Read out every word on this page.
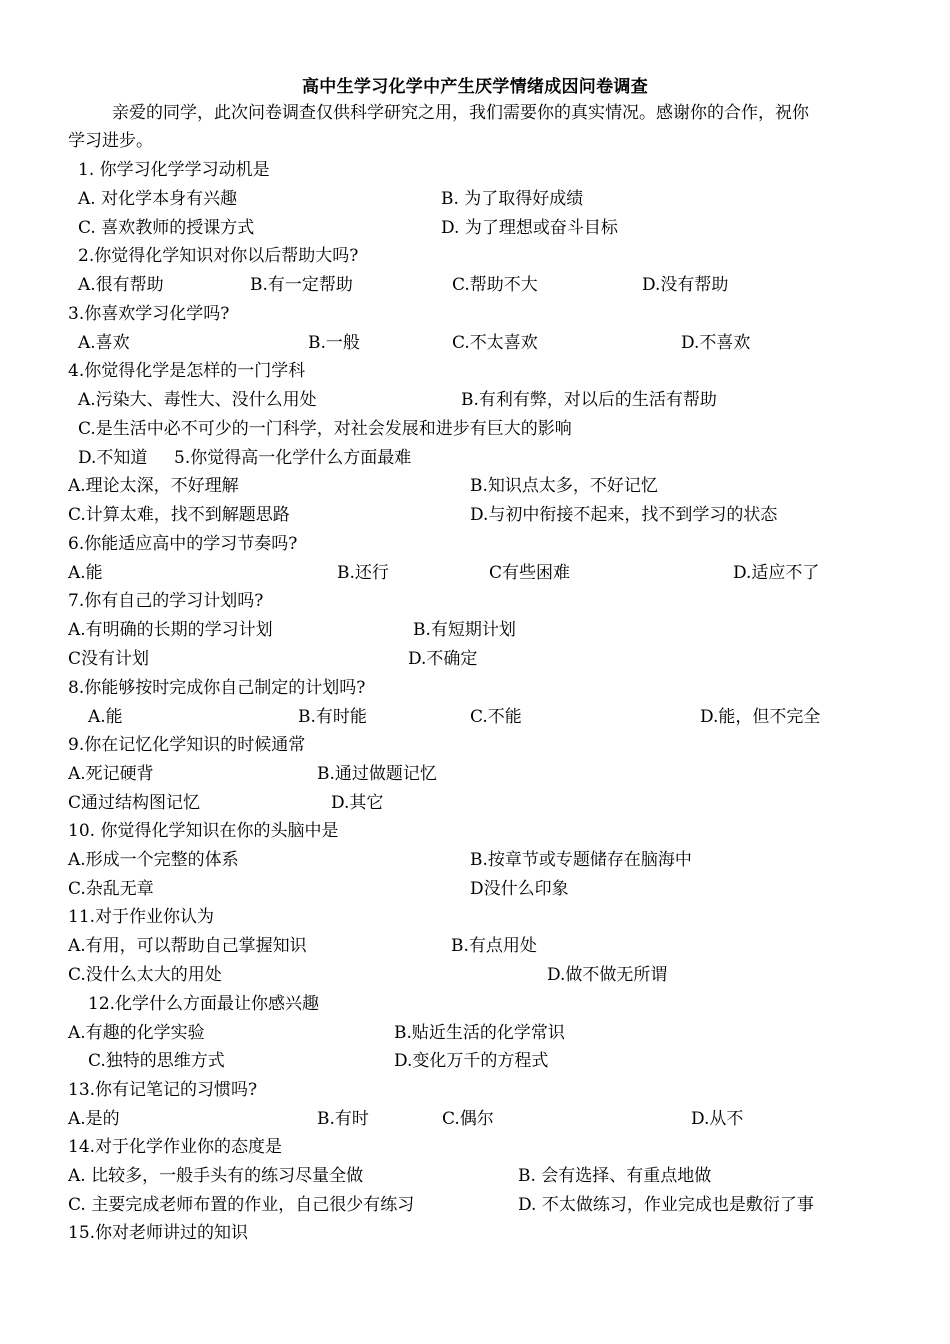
高中生学习化学中产生厌学情绪成因问卷调查
亲爱的同学，此次问卷调查仅供科学研究之用，我们需要你的真实情况。感谢你的合作，祝你
学习进步。
1. 你学习化学学习动机是
A. 对化学本身有兴趣	B. 为了取得好成绩
C. 喜欢教师的授课方式	D. 为了理想或奋斗目标
2.你觉得化学知识对你以后帮助大吗?
A.很有帮助	B.有一定帮助	C.帮助不大	D.没有帮助
3.你喜欢学习化学吗?
A.喜欢	B.一般	C.不太喜欢	D.不喜欢
4.你觉得化学是怎样的一门学科
A.污染大、毒性大、没什么用处	B.有利有弊，对以后的生活有帮助
C.是生活中必不可少的一门科学，对社会发展和进步有巨大的影响
D.不知道 5.你觉得高一化学什么方面最难
A.理论太深，不好理解	B.知识点太多，不好记忆
C.计算太难，找不到解题思路	D.与初中衔接不起来，找不到学习的状态
6.你能适应高中的学习节奏吗?
A.能	B.还行	C有些困难	D.适应不了
7.你有自己的学习计划吗?
A.有明确的长期的学习计划	B.有短期计划
C没有计划	D.不确定
8.你能够按时完成你自己制定的计划吗?
A.能	B.有时能	C.不能	D.能，但不完全
9.你在记忆化学知识的时候通常
A.死记硬背	B.通过做题记忆
C通过结构图记忆	D.其它
10. 你觉得化学知识在你的头脑中是
A.形成一个完整的体系	B.按章节或专题储存在脑海中
C.杂乱无章	D没什么印象
11.对于作业你认为
A.有用，可以帮助自己掌握知识	B.有点用处
C.没什么太大的用处	D.做不做无所谓
12.化学什么方面最让你感兴趣
A.有趣的化学实验	B.贴近生活的化学常识
C.独特的思维方式	D.变化万千的方程式
13.你有记笔记的习惯吗?
A.是的	B.有时	C.偶尔	D.从不
14.对于化学作业你的态度是
A. 比较多，一般手头有的练习尽量全做	B. 会有选择、有重点地做
C. 主要完成老师布置的作业，自己很少有练习	D. 不太做练习，作业完成也是敷衍了事
15.你对老师讲过的知识
